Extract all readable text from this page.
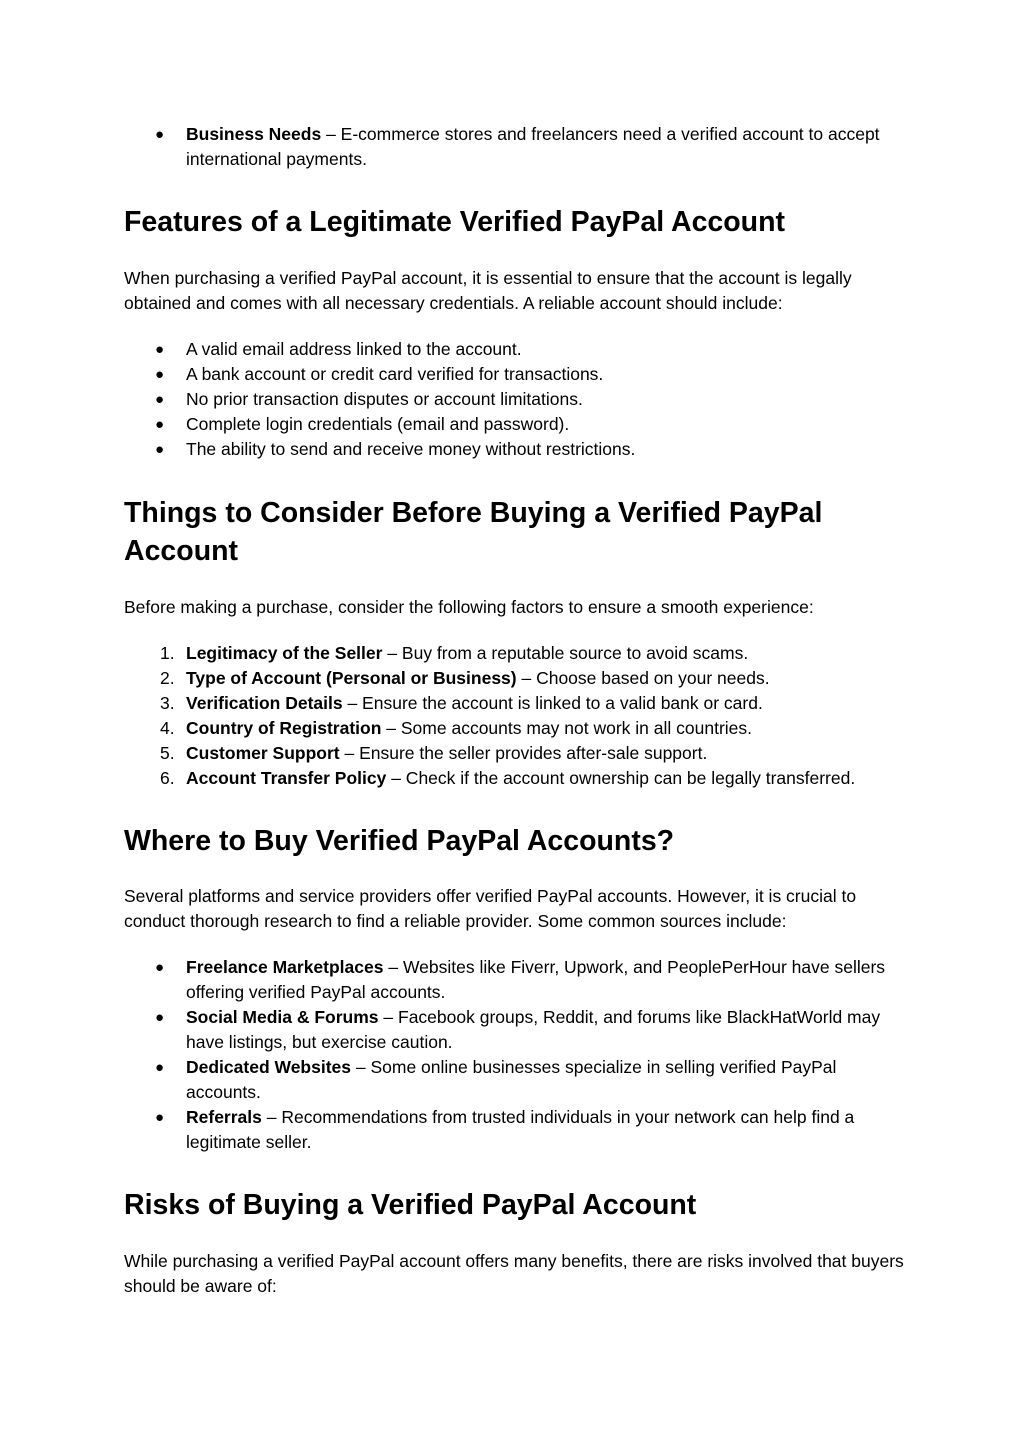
● Business Needs – E-commerce stores and freelancers need a verified account to accept international payments.
Features of a Legitimate Verified PayPal Account

When purchasing a verified PayPal account, it is essential to ensure that the account is legally obtained and comes with all necessary credentials. A reliable account should include:

● A valid email address linked to the account.
● A bank account or credit card verified for transactions.
● No prior transaction disputes or account limitations.
● Complete login credentials (email and password).
● The ability to send and receive money without restrictions.
Things to Consider Before Buying a Verified PayPal Account

Before making a purchase, consider the following factors to ensure a smooth experience:

1. Legitimacy of the Seller – Buy from a reputable source to avoid scams.
2. Type of Account (Personal or Business) – Choose based on your needs.
3. Verification Details – Ensure the account is linked to a valid bank or card.
4. Country of Registration – Some accounts may not work in all countries.
5. Customer Support – Ensure the seller provides after-sale support.
6. Account Transfer Policy – Check if the account ownership can be legally transferred.
Where to Buy Verified PayPal Accounts?

Several platforms and service providers offer verified PayPal accounts. However, it is crucial to conduct thorough research to find a reliable provider. Some common sources include:

● Freelance Marketplaces – Websites like Fiverr, Upwork, and PeoplePerHour have sellers offering verified PayPal accounts.
● Social Media & Forums – Facebook groups, Reddit, and forums like BlackHatWorld may have listings, but exercise caution.
● Dedicated Websites – Some online businesses specialize in selling verified PayPal accounts.
● Referrals – Recommendations from trusted individuals in your network can help find a legitimate seller.
Risks of Buying a Verified PayPal Account

While purchasing a verified PayPal account offers many benefits, there are risks involved that buyers should be aware of:
